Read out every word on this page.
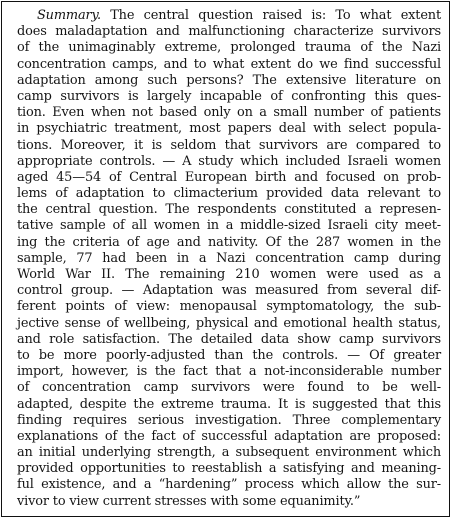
Summary. The central question raised is: To what extent
does maladaptation and malfunctioning characterize survivors
of the unimaginably extreme, prolonged trauma of the Nazi
concentration camps, and to what extent do we find successful
adaptation among such persons? The extensive literature on
camp survivors is largely incapable of confronting this ques-
tion. Even when not based only on a small number of patients
in psychiatric treatment, most papers deal with select popula-
tions. Moreover, it is seldom that survivors are compared to
appropriate controls. — A study which included Israeli women
aged 45—54 of Central European birth and focused on prob-
lems of adaptation to climacterium provided data relevant to
the central question. The respondents constituted a represen-
tative sample of all women in a middle-sized Israeli city meet-
ing the criteria of age and nativity. Of the 287 women in the
sample, 77 had been in a Nazi concentration camp during
World War II. The remaining 210 women were used as a
control group. — Adaptation was measured from several dif-
ferent points of view: menopausal symptomatology, the sub-
jective sense of wellbeing, physical and emotional health status,
and role satisfaction. The detailed data show camp survivors
to be more poorly-adjusted than the controls. — Of greater
import, however, is the fact that a not-inconsiderable number
of concentration camp survivors were found to be well-
adapted, despite the extreme trauma. It is suggested that this
finding requires serious investigation. Three complementary
explanations of the fact of successful adaptation are proposed:
an initial underlying strength, a subsequent environment which
provided opportunities to reestablish a satisfying and meaning-
ful existence, and a “hardening” process which allow the sur-
vivor to view current stresses with some equanimity.”
